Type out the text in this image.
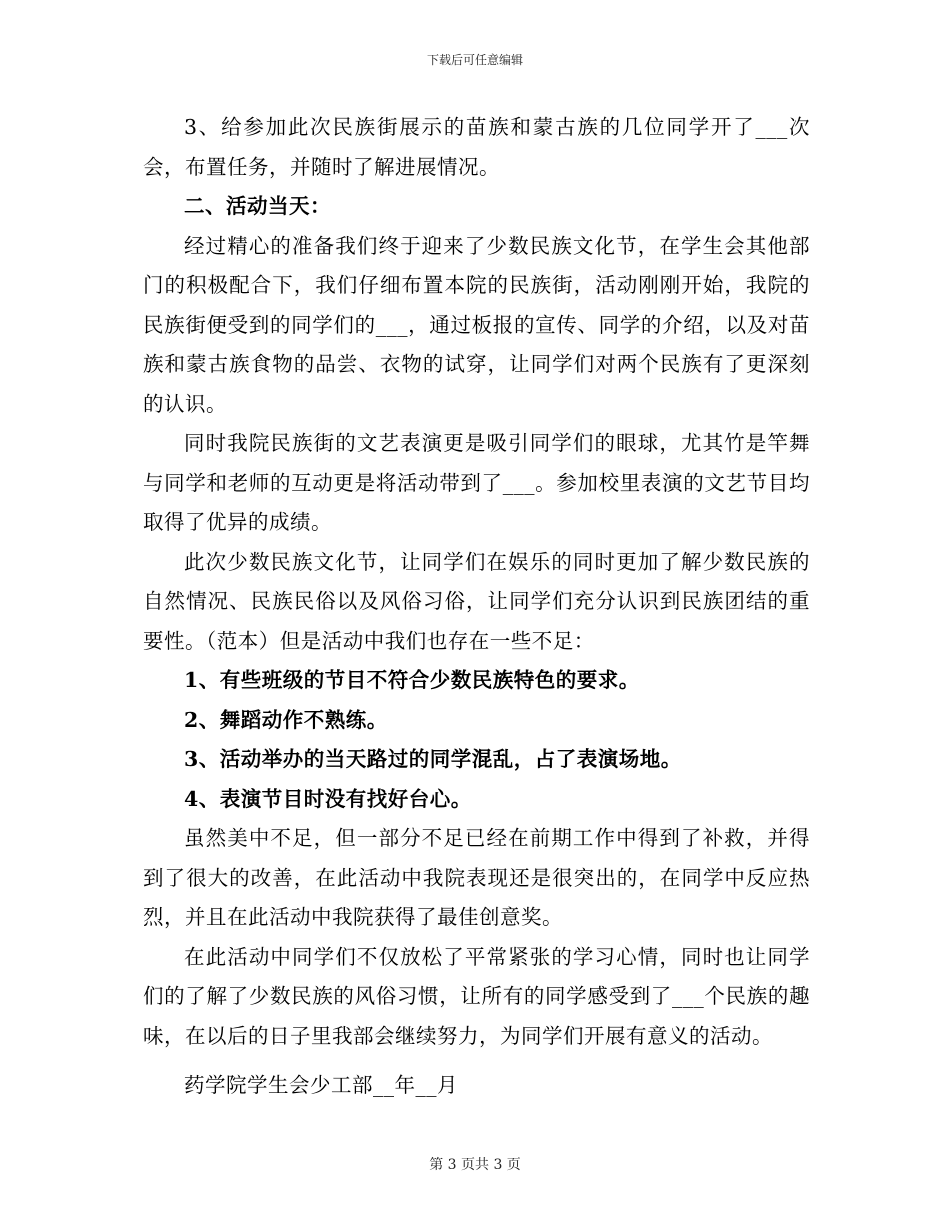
下载后可任意编辑

3、给参加此次民族街展示的苗族和蒙古族的几位同学开了___次会，布置任务，并随时了解进展情况。

二、活动当天：

经过精心的准备我们终于迎来了少数民族文化节，在学生会其他部门的积极配合下，我们仔细布置本院的民族街，活动刚刚开始，我院的民族街便受到的同学们的___，通过板报的宣传、同学的介绍，以及对苗族和蒙古族食物的品尝、衣物的试穿，让同学们对两个民族有了更深刻的认识。

同时我院民族街的文艺表演更是吸引同学们的眼球，尤其竹是竿舞与同学和老师的互动更是将活动带到了___。参加校里表演的文艺节目均取得了优异的成绩。

此次少数民族文化节，让同学们在娱乐的同时更加了解少数民族的自然情况、民族民俗以及风俗习俗，让同学们充分认识到民族团结的重要性。（范本）但是活动中我们也存在一些不足：

1、有些班级的节目不符合少数民族特色的要求。

2、舞蹈动作不熟练。

3、活动举办的当天路过的同学混乱，占了表演场地。

4、表演节目时没有找好台心。

虽然美中不足，但一部分不足已经在前期工作中得到了补救，并得到了很大的改善，在此活动中我院表现还是很突出的，在同学中反应热烈，并且在此活动中我院获得了最佳创意奖。

在此活动中同学们不仅放松了平常紧张的学习心情，同时也让同学们的了解了少数民族的风俗习惯，让所有的同学感受到了___个民族的趣味，在以后的日子里我部会继续努力，为同学们开展有意义的活动。

药学院学生会少工部__年__月

第 3 页共 3 页
